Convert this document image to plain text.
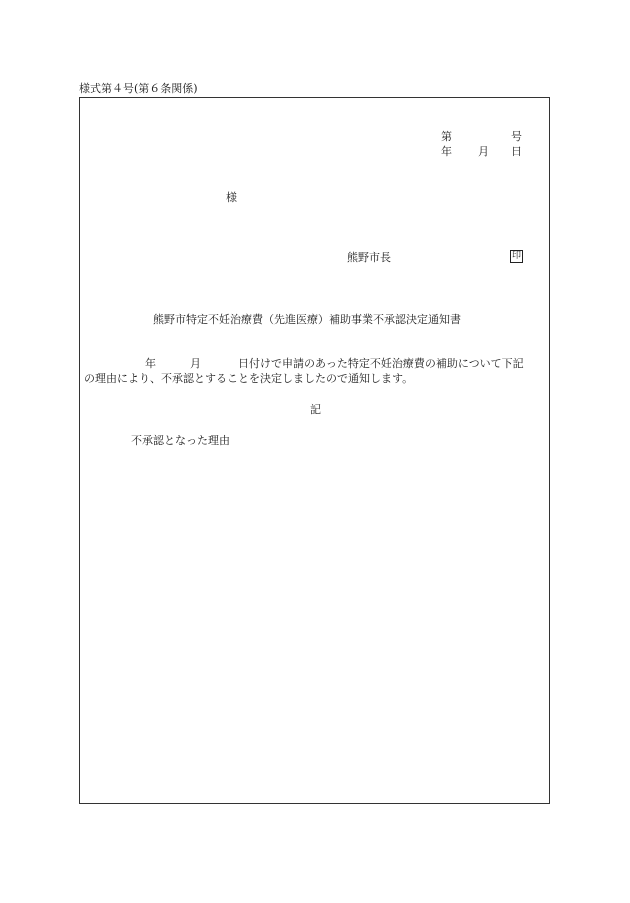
様式第４号(第６条関係)
第	号
年 月 日
様
熊野市長	印
熊野市特定不妊治療費（先進医療）補助事業不承認決定通知書
年	月	日付けで申請のあった特定不妊治療費の補助について下記
の理由により、不承認とすることを決定しましたので通知します。
記
不承認となった理由
